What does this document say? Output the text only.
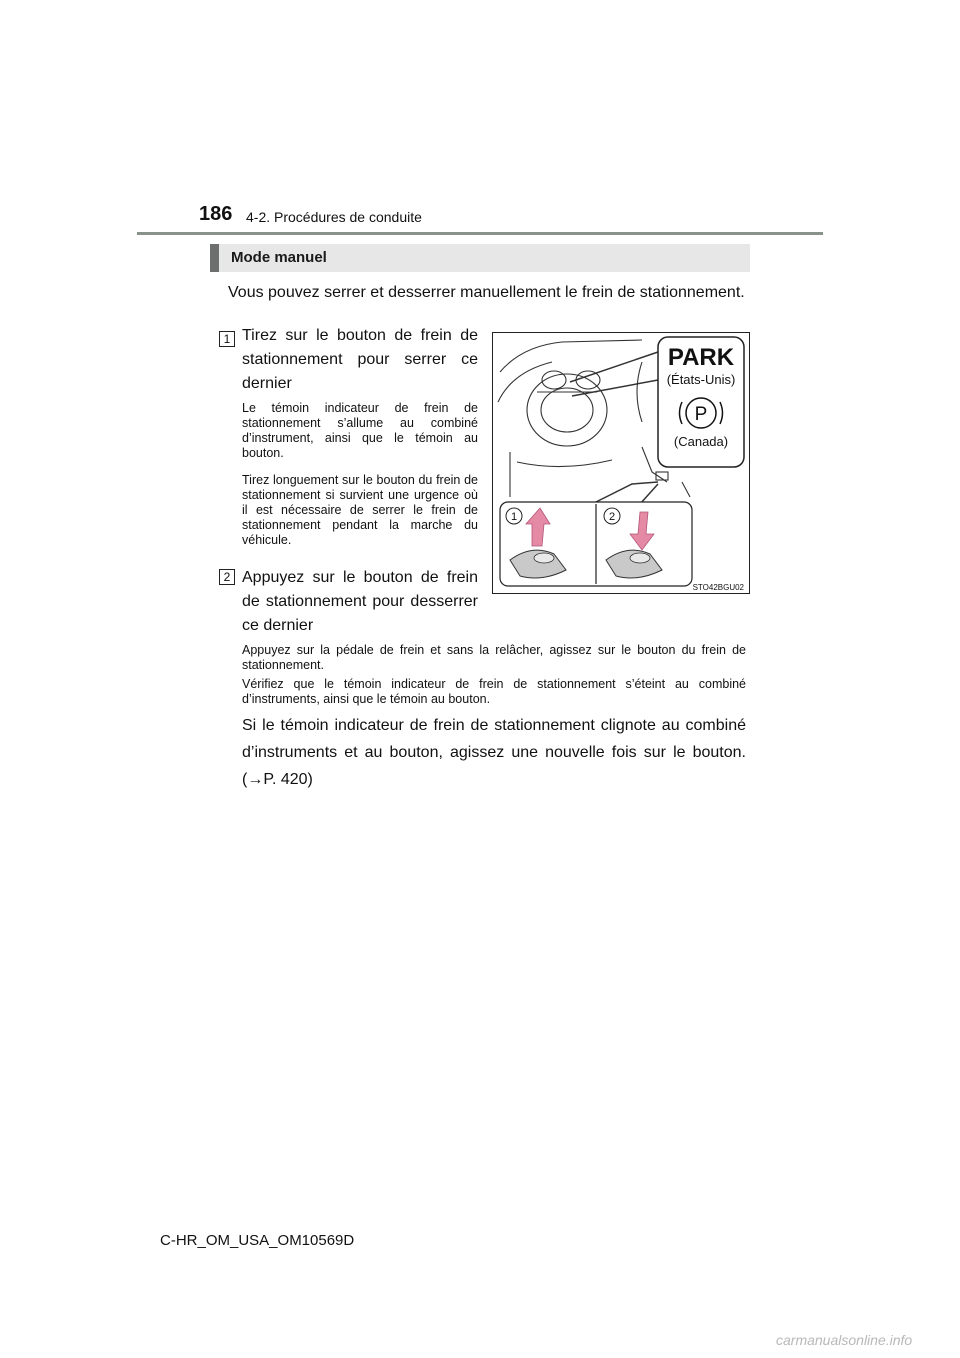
186 4-2. Procédures de conduite
Mode manuel

Vous pouvez serrer et desserrer manuellement le frein de stationnement.

1 Tirez sur le bouton de frein de stationnement pour serrer ce dernier
Le témoin indicateur de frein de stationnement s’allume au combiné d’instrument, ainsi que le témoin au bouton.
Tirez longuement sur le bouton du frein de stationnement si survient une urgence où il est nécessaire de serrer le frein de stationnement pendant la marche du véhicule.
2 Appuyez sur le bouton de frein de stationnement pour desserrer ce dernier
Appuyez sur la pédale de frein et sans la relâcher, agissez sur le bouton du frein de stationnement.
Vérifiez que le témoin indicateur de frein de stationnement s’éteint au combiné d’instruments, ainsi que le témoin au bouton.
Si le témoin indicateur de frein de stationnement clignote au combiné d’instruments et au bouton, agissez une nouvelle fois sur le bouton. (→P. 420)
PARK
(États-Unis)
P
(Canada)
1	2
STO42BGU02
C-HR_OM_USA_OM10569D
carmanualsonline.info
